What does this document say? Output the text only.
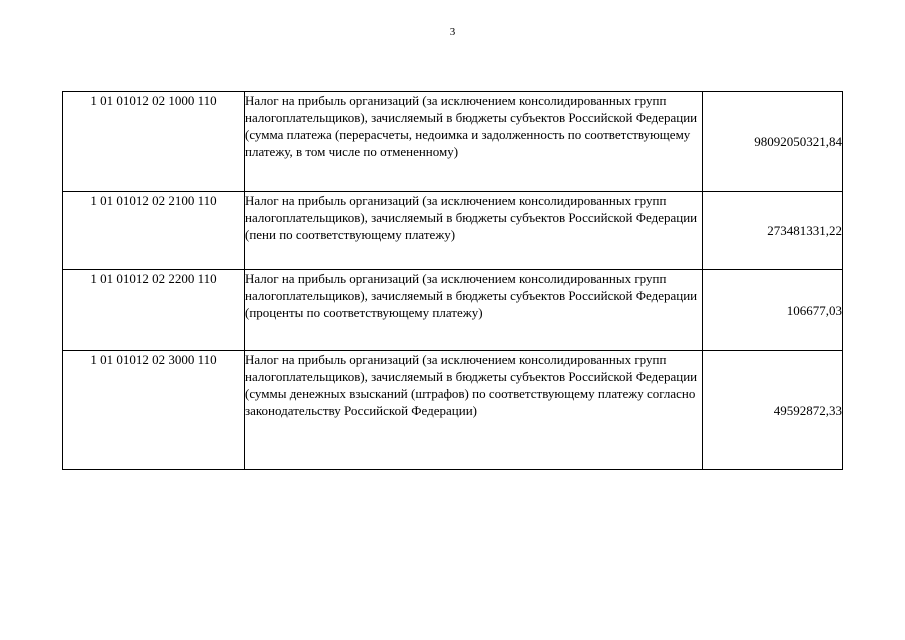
3
1 01 01012 02 1000 110	Налог на прибыль организаций (за исключением консолидированных групп налогоплательщиков), зачисляемый в бюджеты субъектов Российской Федерации (сумма платежа (перерасчеты, недоимка и задолженность по соответствующему платежу, в том числе по отмененному)	98092050321,84
1 01 01012 02 2100 110	Налог на прибыль организаций (за исключением консолидированных групп налогоплательщиков), зачисляемый в бюджеты субъектов Российской Федерации (пени по соответствующему платежу)	273481331,22
1 01 01012 02 2200 110	Налог на прибыль организаций (за исключением консолидированных групп налогоплательщиков), зачисляемый в бюджеты субъектов Российской Федерации (проценты по соответствующему платежу)	106677,03
1 01 01012 02 3000 110	Налог на прибыль организаций (за исключением консолидированных групп налогоплательщиков), зачисляемый в бюджеты субъектов Российской Федерации (суммы денежных взысканий (штрафов) по соответствующему платежу согласно законодательству Российской Федерации)	49592872,33
